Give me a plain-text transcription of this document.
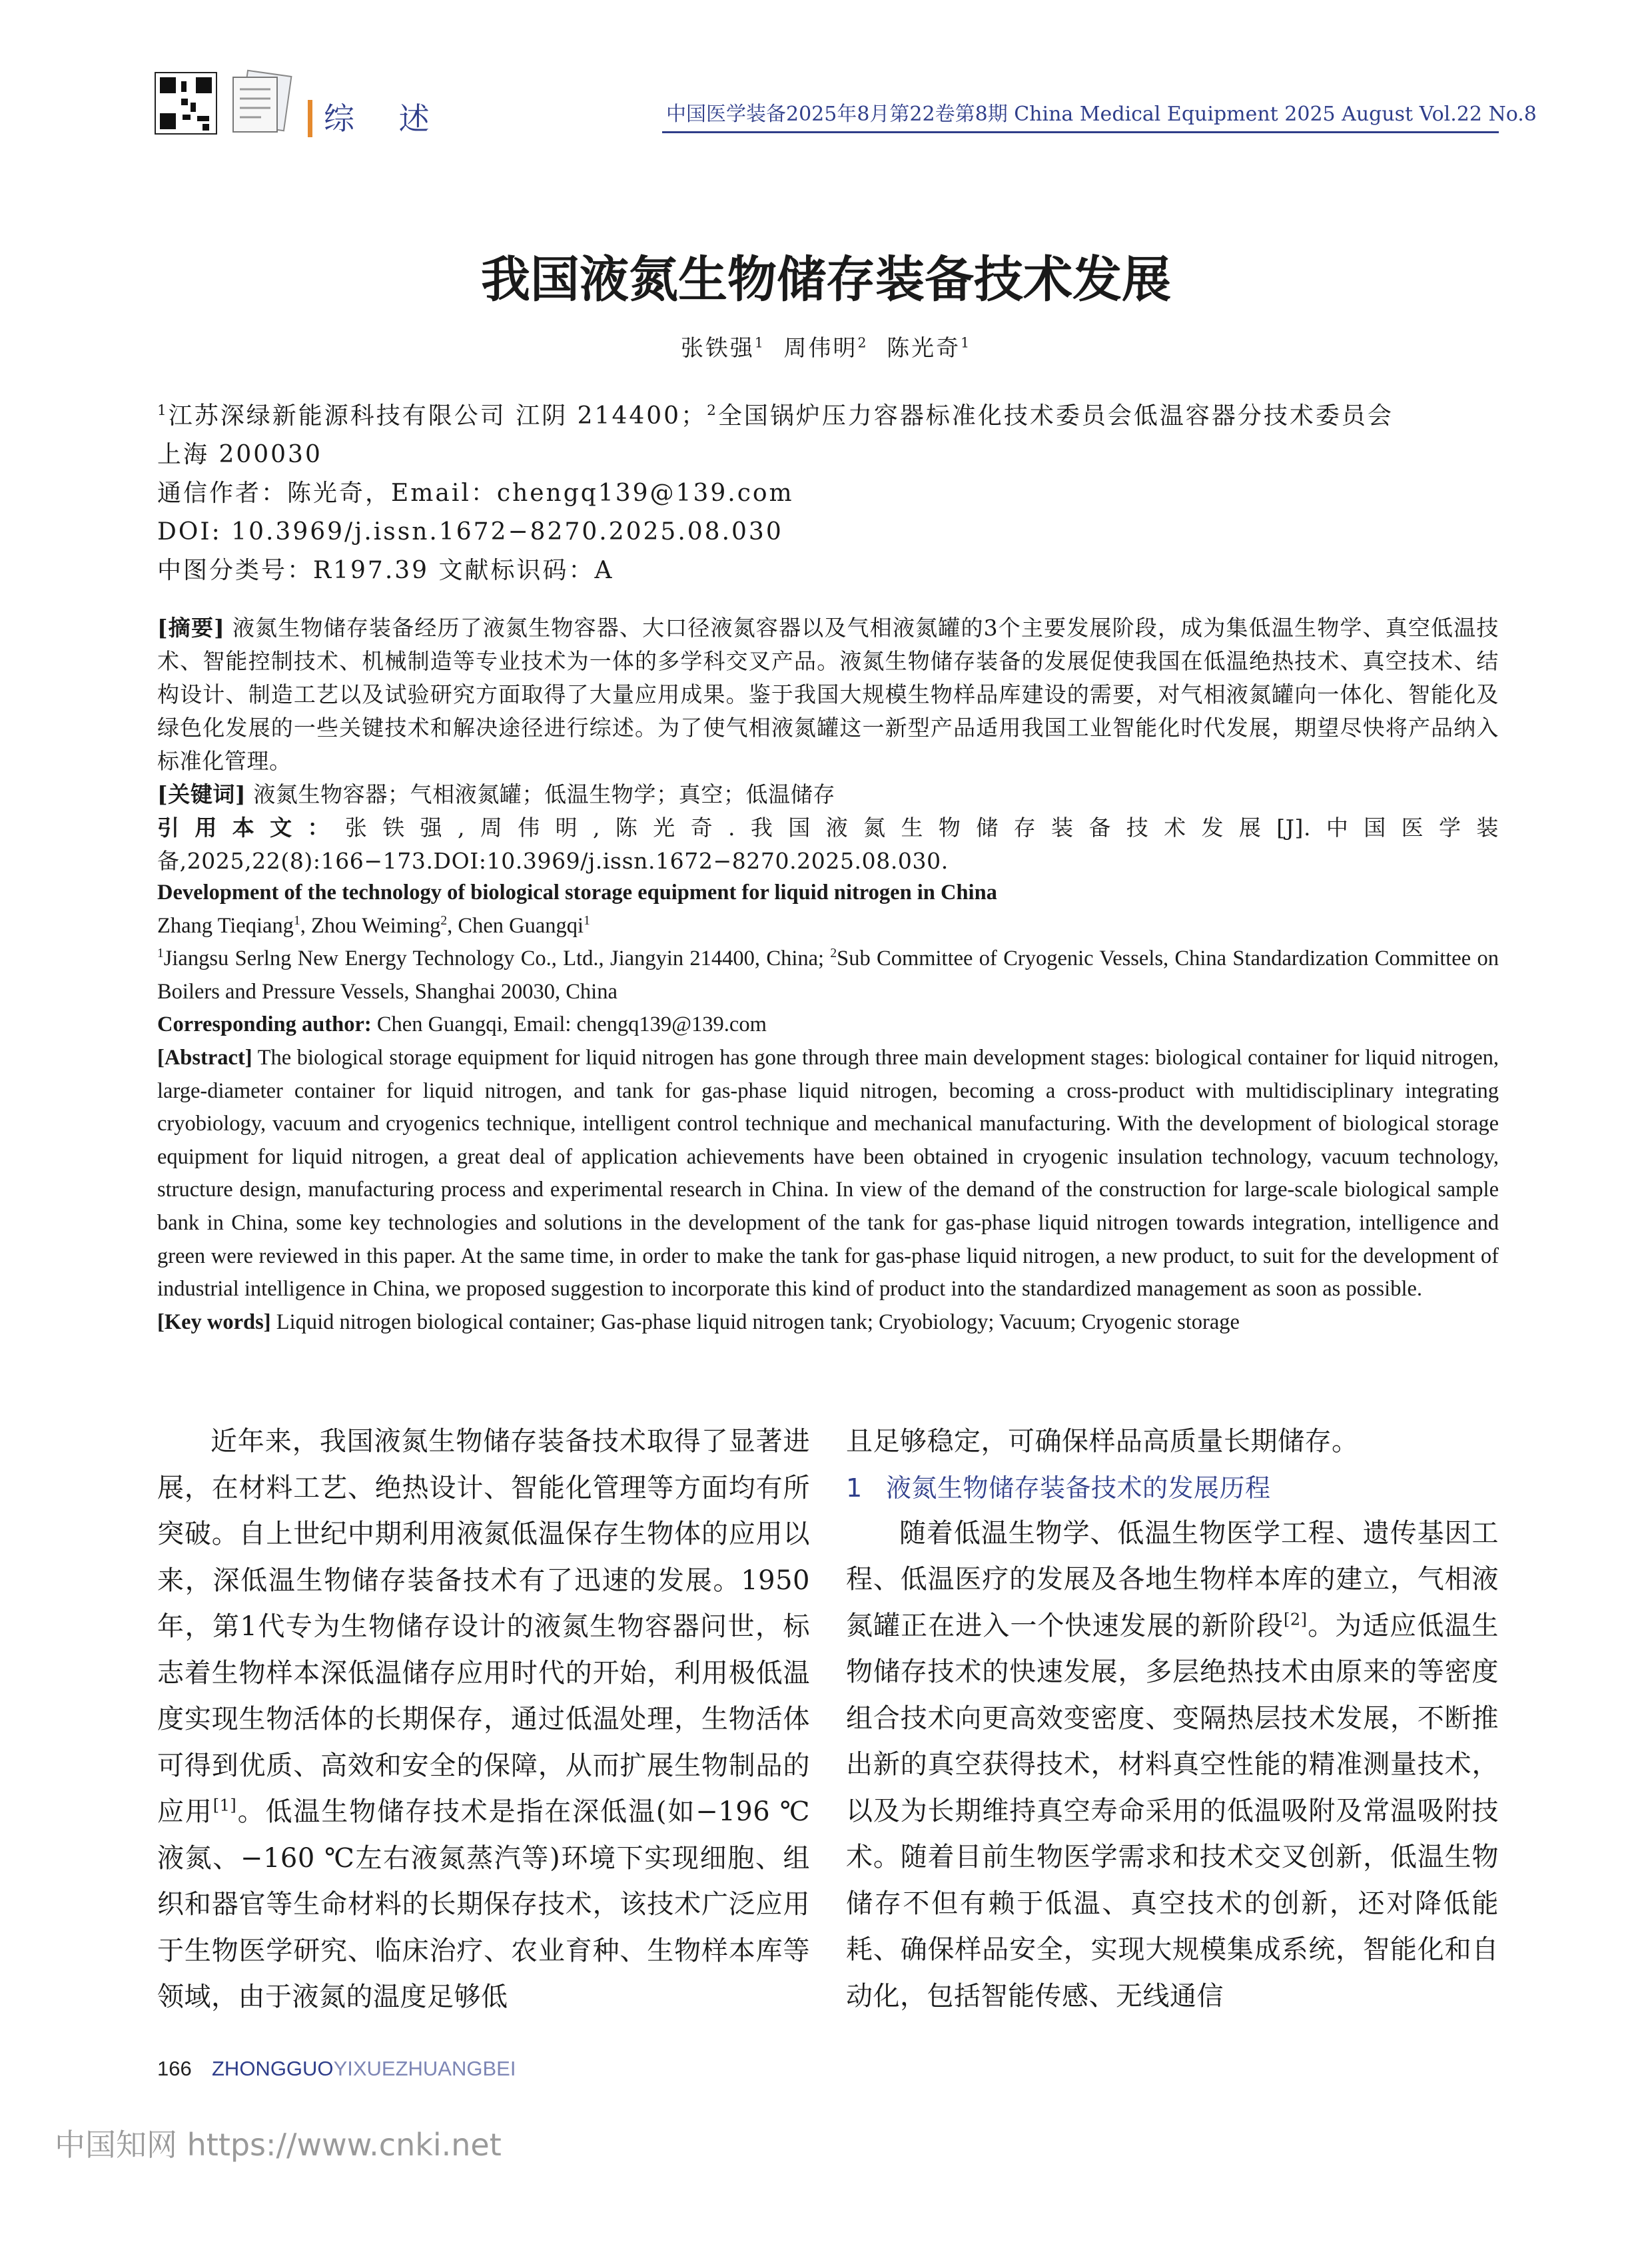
综 述	中国医学装备2025年8月第22卷第8期 China Medical Equipment 2025 August Vol.22 No.8
我国液氮生物储存装备技术发展
张铁强$^1$ 周伟明$^2$ 陈光奇$^1$
$^1$江苏深绿新能源科技有限公司 江阴 214400；$^2$全国锅炉压力容器标准化技术委员会低温容器分技术委员会
上海 200030
通信作者：陈光奇，Email：chengq139@139.com
DOI: 10.3969/j.issn.1672−8270.2025.08.030
中图分类号：R197.39 文献标识码：A
[摘要] 液氮生物储存装备经历了液氮生物容器、大口径液氮容器以及气相液氮罐的3个主要发展阶段，成为集低温生物学、真空低温技术、智能控制技术、机械制造等专业技术为一体的多学科交叉产品。液氮生物储存装备的发展促使我国在低温绝热技术、真空技术、结构设计、制造工艺以及试验研究方面取得了大量应用成果。鉴于我国大规模生物样品库建设的需要，对气相液氮罐向一体化、智能化及绿色化发展的一些关键技术和解决途径进行综述。为了使气相液氮罐这一新型产品适用我国工业智能化时代发展，期望尽快将产品纳入标准化管理。
[关键词] 液氮生物容器；气相液氮罐；低温生物学；真空；低温储存
引用本文：张铁强,周伟明,陈光奇.我国液氮生物储存装备技术发展[J].中国医学装备,2025,22(8):166−173.DOI:10.3969/j.issn.1672−8270.2025.08.030.
Development of the technology of biological storage equipment for liquid nitrogen in China
Zhang Tieqiang$^1$, Zhou Weiming$^2$, Chen Guangqi$^1$
$^1$Jiangsu Serlng New Energy Technology Co., Ltd., Jiangyin 214400, China; $^2$Sub Committee of Cryogenic Vessels, China Standardization Committee on Boilers and Pressure Vessels, Shanghai 20030, China
Corresponding author: Chen Guangqi, Email: chengq139@139.com
[Abstract] The biological storage equipment for liquid nitrogen has gone through three main development stages: biological container for liquid nitrogen, large-diameter container for liquid nitrogen, and tank for gas-phase liquid nitrogen, becoming a cross-product with multidisciplinary integrating cryobiology, vacuum and cryogenics technique, intelligent control technique and mechanical manufacturing. With the development of biological storage equipment for liquid nitrogen, a great deal of application achievements have been obtained in cryogenic insulation technology, vacuum technology, structure design, manufacturing process and experimental research in China. In view of the demand of the construction for large-scale biological sample bank in China, some key technologies and solutions in the development of the tank for gas-phase liquid nitrogen towards integration, intelligence and green were reviewed in this paper. At the same time, in order to make the tank for gas-phase liquid nitrogen, a new product, to suit for the development of industrial intelligence in China, we proposed suggestion to incorporate this kind of product into the standardized management as soon as possible.
[Key words] Liquid nitrogen biological container; Gas-phase liquid nitrogen tank; Cryobiology; Vacuum; Cryogenic storage

近年来，我国液氮生物储存装备技术取得了显著进展，在材料工艺、绝热设计、智能化管理等方面均有所突破。自上世纪中期利用液氮低温保存生物体的应用以来，深低温生物储存装备技术有了迅速的发展。1950年，第1代专为生物储存设计的液氮生物容器问世，标志着生物样本深低温储存应用时代的开始，利用极低温度实现生物活体的长期保存，通过低温处理，生物活体可得到优质、高效和安全的保障，从而扩展生物制品的应用[1]。低温生物储存技术是指在深低温(如−196 ℃液氮、−160 ℃左右液氮蒸汽等)环境下实现细胞、组织和器官等生命材料的长期保存技术，该技术广泛应用于生物医学研究、临床治疗、农业育种、生物样本库等领域，由于液氮的温度足够低

且足够稳定，可确保样品高质量长期储存。

1 液氮生物储存装备技术的发展历程

随着低温生物学、低温生物医学工程、遗传基因工程、低温医疗的发展及各地生物样本库的建立，气相液氮罐正在进入一个快速发展的新阶段[2]。为适应低温生物储存技术的快速发展，多层绝热技术由原来的等密度组合技术向更高效变密度、变隔热层技术发展，不断推出新的真空获得技术，材料真空性能的精准测量技术，以及为长期维持真空寿命采用的低温吸附及常温吸附技术。随着目前生物医学需求和技术交叉创新，低温生物储存不但有赖于低温、真空技术的创新，还对降低能耗、确保样品安全，实现大规模集成系统，智能化和自动化，包括智能传感、无线通信

166 ZHONGGUOYIXUEZHUANGBEI
中国知网 https://www.cnki.net
